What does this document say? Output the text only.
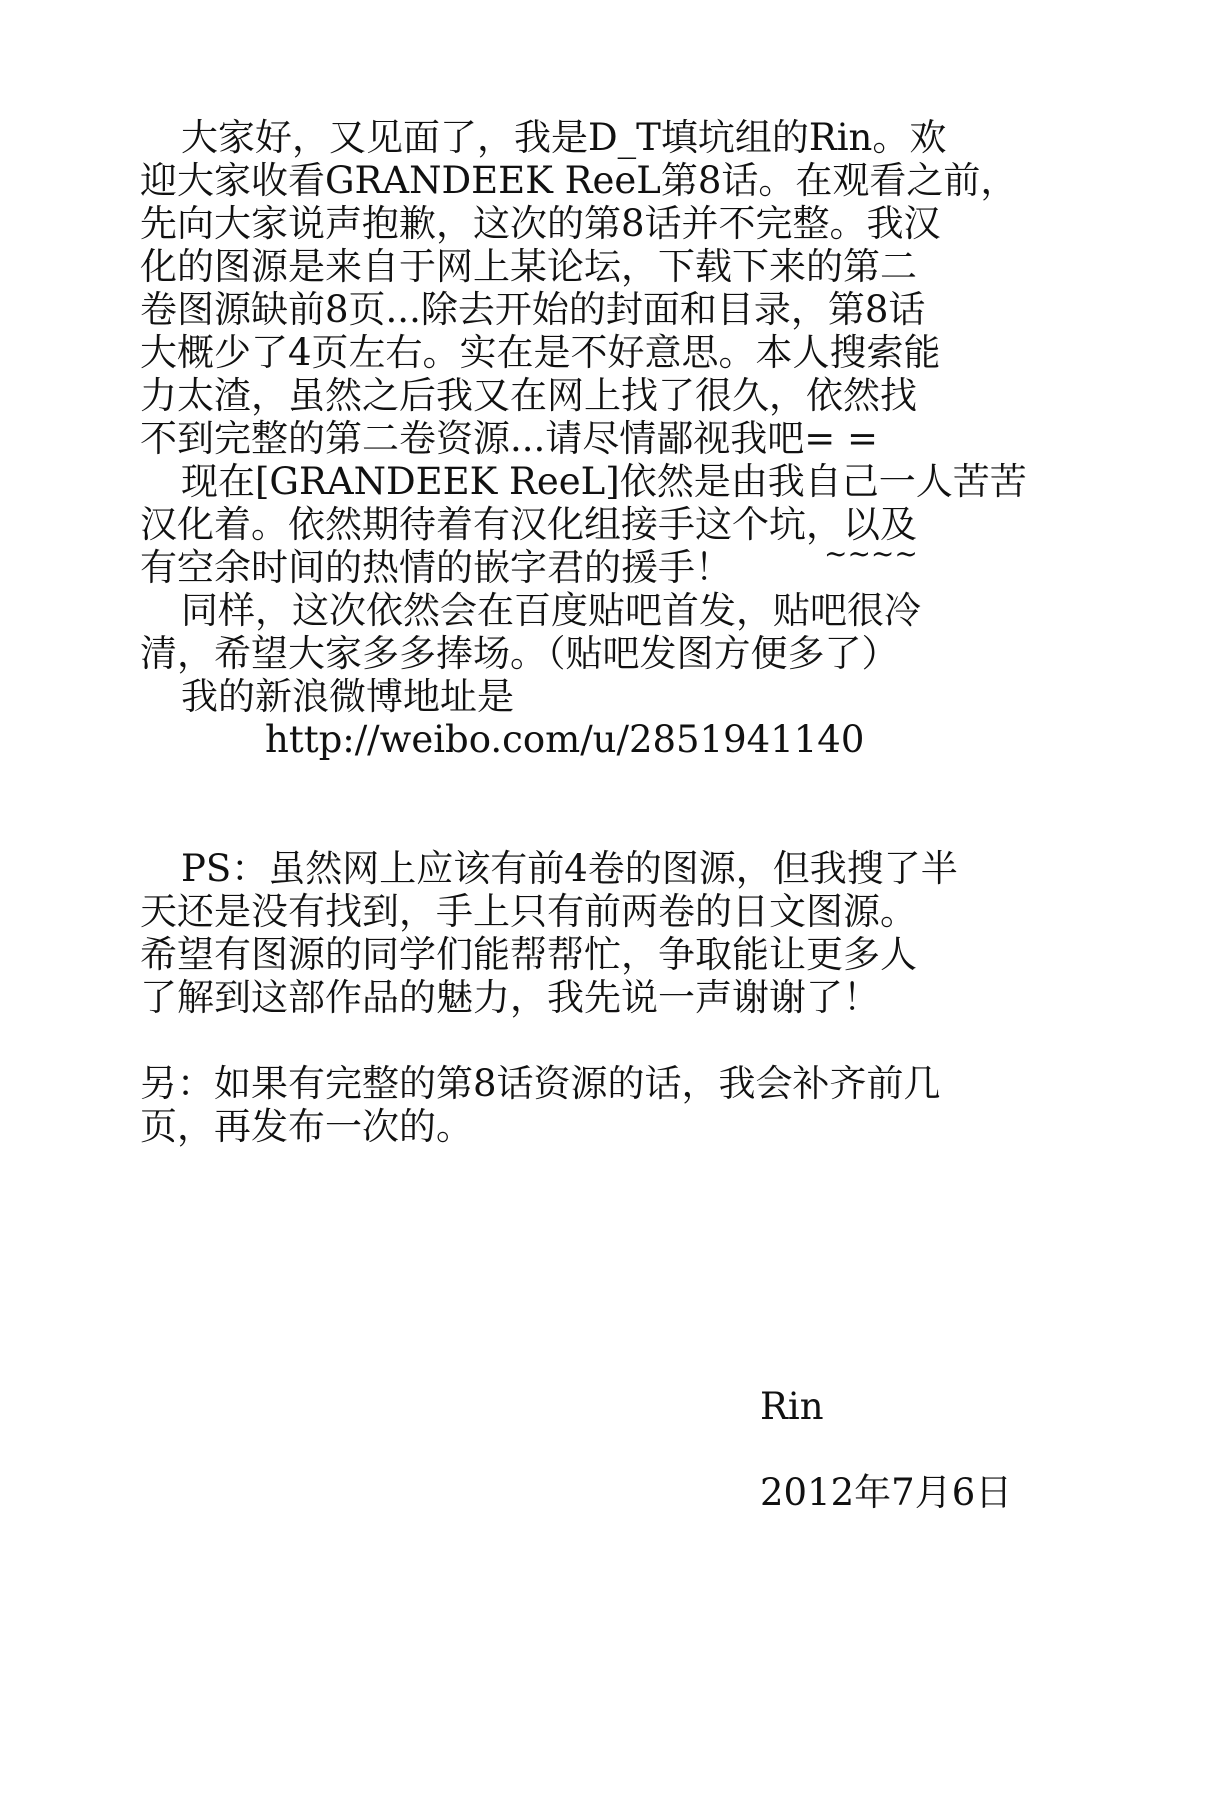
大家好，又见面了，我是D_T填坑组的Rin。欢
迎大家收看GRANDEEK ReeL第8话。在观看之前，
先向大家说声抱歉，这次的第8话并不完整。我汉
化的图源是来自于网上某论坛，下载下来的第二
卷图源缺前8页...除去开始的封面和目录，第8话
大概少了4页左右。实在是不好意思。本人搜索能
力太渣，虽然之后我又在网上找了很久，依然找
不到完整的第二卷资源...请尽情鄙视我吧= =
现在[GRANDEEK ReeL]依然是由我自己一人苦苦
汉化着。依然期待着有汉化组接手这个坑，以及
有空余时间的热情的嵌字君的援手！	~~~~
同样，这次依然会在百度贴吧首发，贴吧很冷
清，希望大家多多捧场。（贴吧发图方便多了）
我的新浪微博地址是
http://weibo.com/u/2851941140
PS：虽然网上应该有前4卷的图源，但我搜了半
天还是没有找到，手上只有前两卷的日文图源。
希望有图源的同学们能帮帮忙，争取能让更多人
了解到这部作品的魅力，我先说一声谢谢了！
另：如果有完整的第8话资源的话，我会补齐前几
页，再发布一次的。
Rin
2012年7月6日
